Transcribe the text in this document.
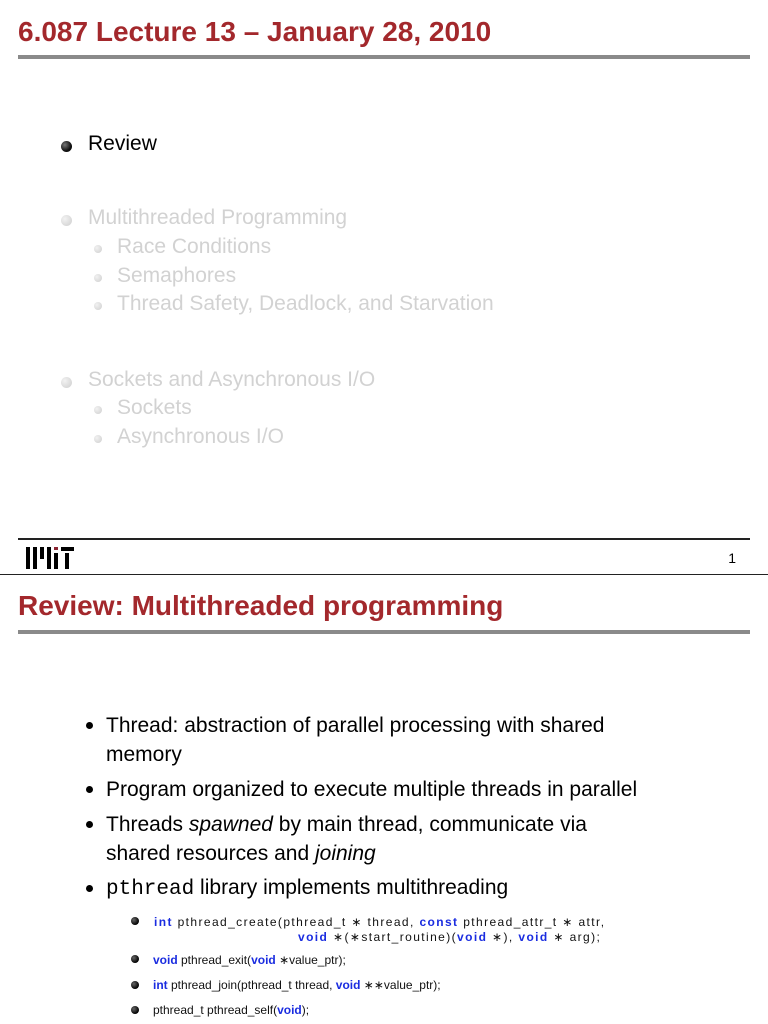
6.087 Lecture 13 – January 28, 2010
Review
Multithreaded Programming
Race Conditions
Semaphores
Thread Safety, Deadlock, and Starvation
Sockets and Asynchronous I/O
Sockets
Asynchronous I/O
1
Review: Multithreaded programming
Thread: abstraction of parallel processing with shared
memory
Program organized to execute multiple threads in parallel
Threads spawned by main thread, communicate via
shared resources and joining
pthread library implements multithreading
int pthread_create(pthread_t ∗ thread, const pthread_attr_t ∗ attr,
void ∗(∗start_routine)(void ∗), void ∗ arg);
void pthread_exit(void ∗value_ptr);
int pthread_join(pthread_t thread, void ∗∗value_ptr);
pthread_t pthread_self(void);
